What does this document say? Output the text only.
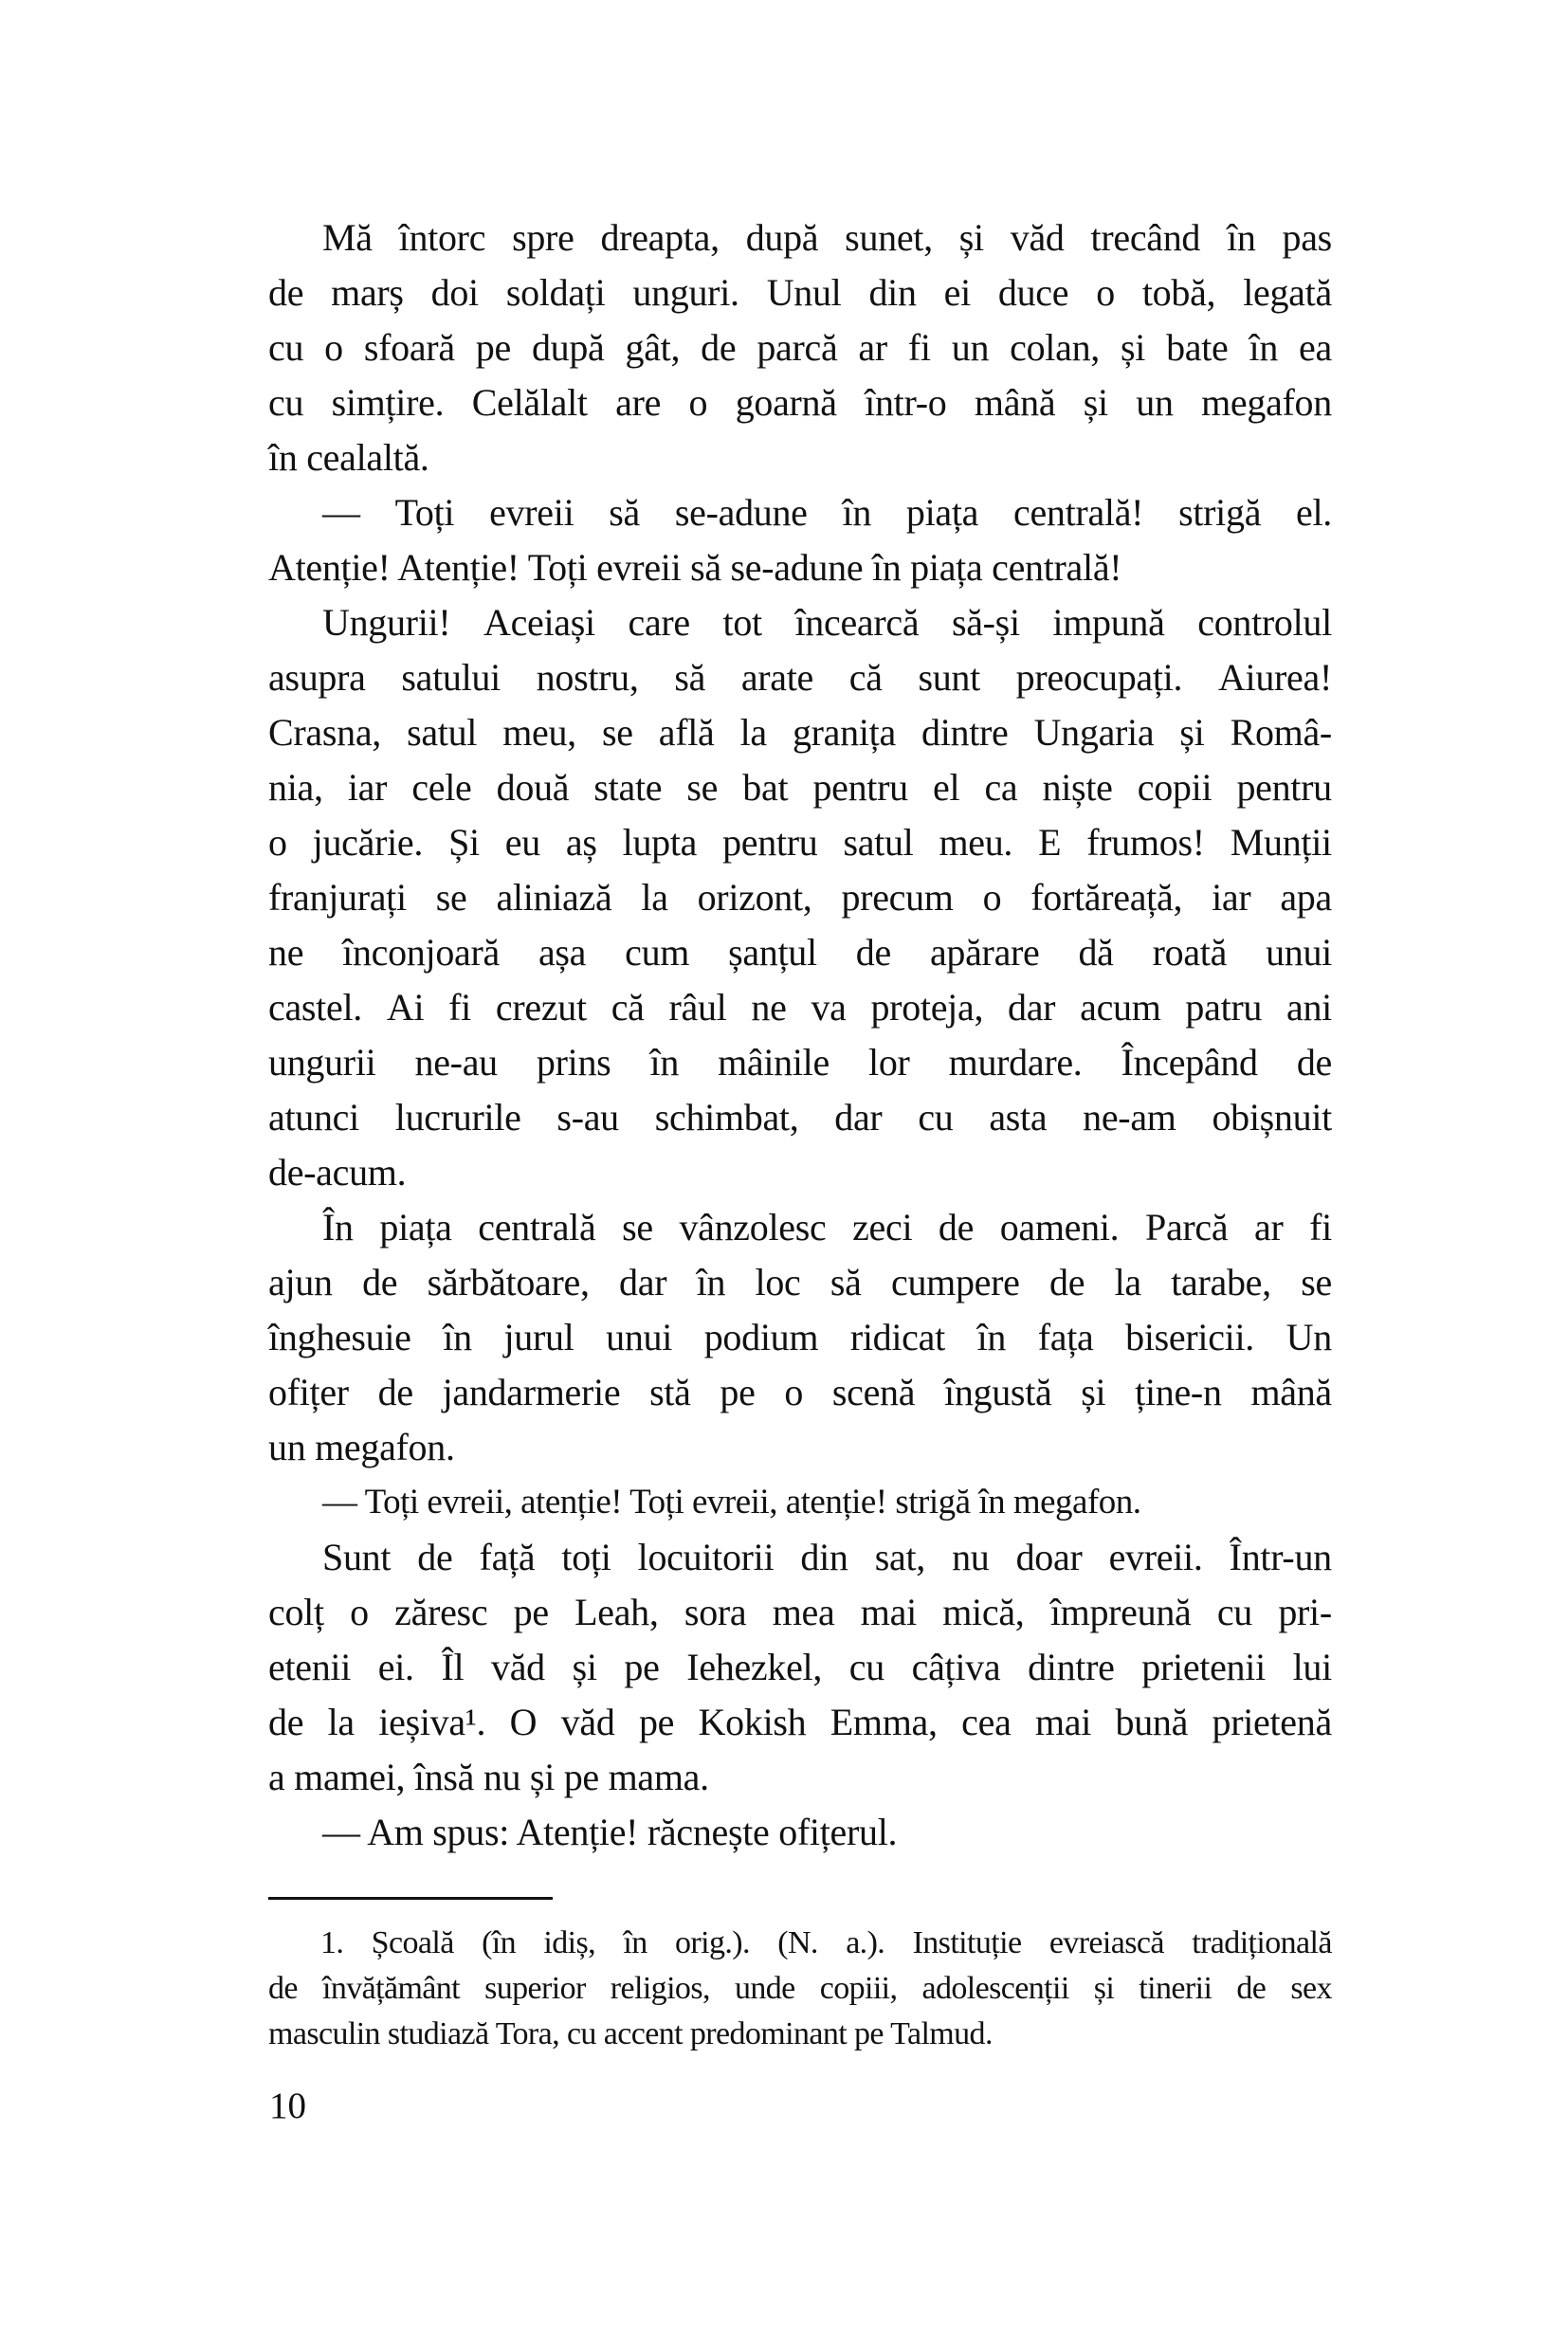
Mă întorc spre dreapta, după sunet, și văd trecând în pas
de marș doi soldați unguri. Unul din ei duce o tobă, legată
cu o sfoară pe după gât, de parcă ar fi un colan, și bate în ea
cu simțire. Celălalt are o goarnă într-o mână și un megafon
în cealaltă.

— Toți evreii să se-adune în piața centrală! strigă el.
Atenție! Atenție! Toți evreii să se-adune în piața centrală!

Ungurii! Aceiași care tot încearcă să-și impună controlul
asupra satului nostru, să arate că sunt preocupați. Aiurea!
Crasna, satul meu, se află la granița dintre Ungaria și Româ-
nia, iar cele două state se bat pentru el ca niște copii pentru
o jucărie. Și eu aș lupta pentru satul meu. E frumos! Munții
franjurați se aliniază la orizont, precum o fortăreață, iar apa
ne înconjoară așa cum șanțul de apărare dă roată unui
castel. Ai fi crezut că râul ne va proteja, dar acum patru ani
ungurii ne-au prins în mâinile lor murdare. Începând de
atunci lucrurile s-au schimbat, dar cu asta ne-am obișnuit
de-acum.

În piața centrală se vânzolesc zeci de oameni. Parcă ar fi
ajun de sărbătoare, dar în loc să cumpere de la tarabe, se
înghesuie în jurul unui podium ridicat în fața bisericii. Un
ofițer de jandarmerie stă pe o scenă îngustă și ține-n mână
un megafon.

— Toți evreii, atenție! Toți evreii, atenție! strigă în megafon.

Sunt de față toți locuitorii din sat, nu doar evreii. Într-un
colț o zăresc pe Leah, sora mea mai mică, împreună cu pri-
etenii ei. Îl văd și pe Iehezkel, cu câțiva dintre prietenii lui
de la ieșiva¹. O văd pe Kokish Emma, cea mai bună prietenă
a mamei, însă nu și pe mama.

— Am spus: Atenție! răcnește ofițerul.

1. Școală (în idiș, în orig.). (N. a.). Instituție evreiască tradițională
de învățământ superior religios, unde copiii, adolescenții și tinerii de sex
masculin studiază Tora, cu accent predominant pe Talmud.

10
